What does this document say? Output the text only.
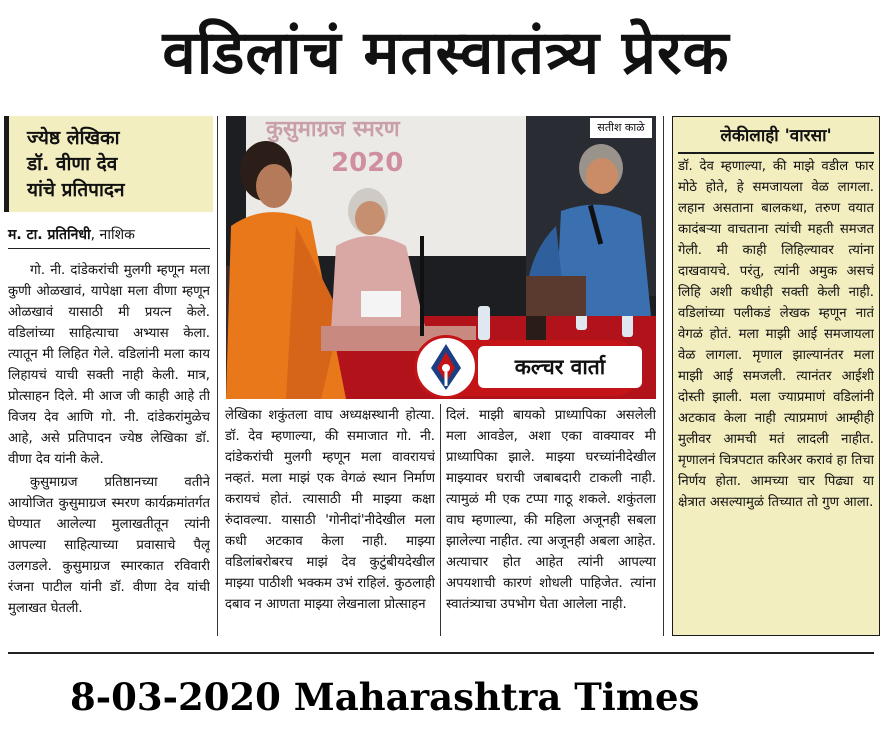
वडिलांचं मतस्वातंत्र्य प्रेरक
ज्येष्ठ लेखिका
डॉ. वीणा देव
यांचे प्रतिपादन
म. टा. प्रतिनिधी, नाशिक

गो. नी. दांडेकरांची मुलगी म्हणून मला कुणी ओळखावं, यापेक्षा मला वीणा म्हणून ओळखावं यासाठी मी प्रयत्न केले. वडिलांच्या साहित्याचा अभ्यास केला. त्यातून मी लिहित गेले. वडिलांनी मला काय लिहायचं याची सक्ती नाही केली. मात्र, प्रोत्साहन दिले. मी आज जी काही आहे ती विजय देव आणि गो. नी. दांडेकरांमुळेच आहे, असे प्रतिपादन ज्येष्ठ लेखिका डॉ. वीणा देव यांनी केले.

कुसुमाग्रज प्रतिष्ठानच्या वतीने आयोजित कुसुमाग्रज स्मरण कार्यक्रमांतर्गत घेण्यात आलेल्या मुलाखतीतून त्यांनी आपल्या साहित्याच्या प्रवासाचे पैलू उलगडले. कुसुमाग्रज स्मारकात रविवारी रंजना पाटील यांनी डॉ. वीणा देव यांची मुलाखत घेतली.

कुसुमाग्रज स्मरण
2020
सतीश काळे
कल्चर वार्ता

लेखिका शकुंतला वाघ अध्यक्षस्थानी होत्या. डॉ. देव म्हणाल्या, की समाजात गो. नी. दांडेकरांची मुलगी म्हणून मला वावरायचं नव्हतं. मला माझं एक वेगळं स्थान निर्माण करायचं होतं. त्यासाठी मी माझ्या कक्षा रुंदावल्या. यासाठी 'गोनीदां'नीदेखील मला कधी अटकाव केला नाही. माझ्या वडिलांबरोबरच माझं देव कुटुंबीयदेखील माझ्या पाठीशी भक्कम उभं राहिलं. कुठलाही दबाव न आणता माझ्या लेखनाला प्रोत्साहन

दिलं. माझी बायको प्राध्यापिका असलेली मला आवडेल, अशा एका वाक्यावर मी प्राध्यापिका झाले. माझ्या घरच्यांनीदेखील माझ्यावर घराची जबाबदारी टाकली नाही. त्यामुळं मी एक टप्पा गाठू शकले. शकुंतला वाघ म्हणाल्या, की महिला अजूनही सबला झालेल्या नाहीत. त्या अजूनही अबला आहेत. अत्याचार होत आहेत त्यांनी आपल्या अपयशाची कारणं शोधली पाहिजेत. त्यांना स्वातंत्र्याचा उपभोग घेता आलेला नाही.

लेकीलाही 'वारसा'

डॉ. देव म्हणाल्या, की माझे वडील फार मोठे होते, हे समजायला वेळ लागला. लहान असताना बालकथा, तरुण वयात कादंबऱ्या वाचताना त्यांची महती समजत गेली. मी काही लिहिल्यावर त्यांना दाखवायचे. परंतु, त्यांनी अमुक असचं लिहि अशी कधीही सक्ती केली नाही. वडिलांच्या पलीकडं लेखक म्हणून नातं वेगळं होतं. मला माझी आई समजायला वेळ लागला. मृणाल झाल्यानंतर मला माझी आई समजली. त्यानंतर आईशी दोस्ती झाली. मला ज्याप्रमाणं वडिलांनी अटकाव केला नाही त्याप्रमाणं आम्हीही मुलीवर आमची मतं लादली नाहीत. मृणालनं चित्रपटात करिअर करावं हा तिचा निर्णय होता. आमच्या चार पिढ्या या क्षेत्रात असल्यामुळं तिच्यात तो गुण आला.

8-03-2020 Maharashtra Times
